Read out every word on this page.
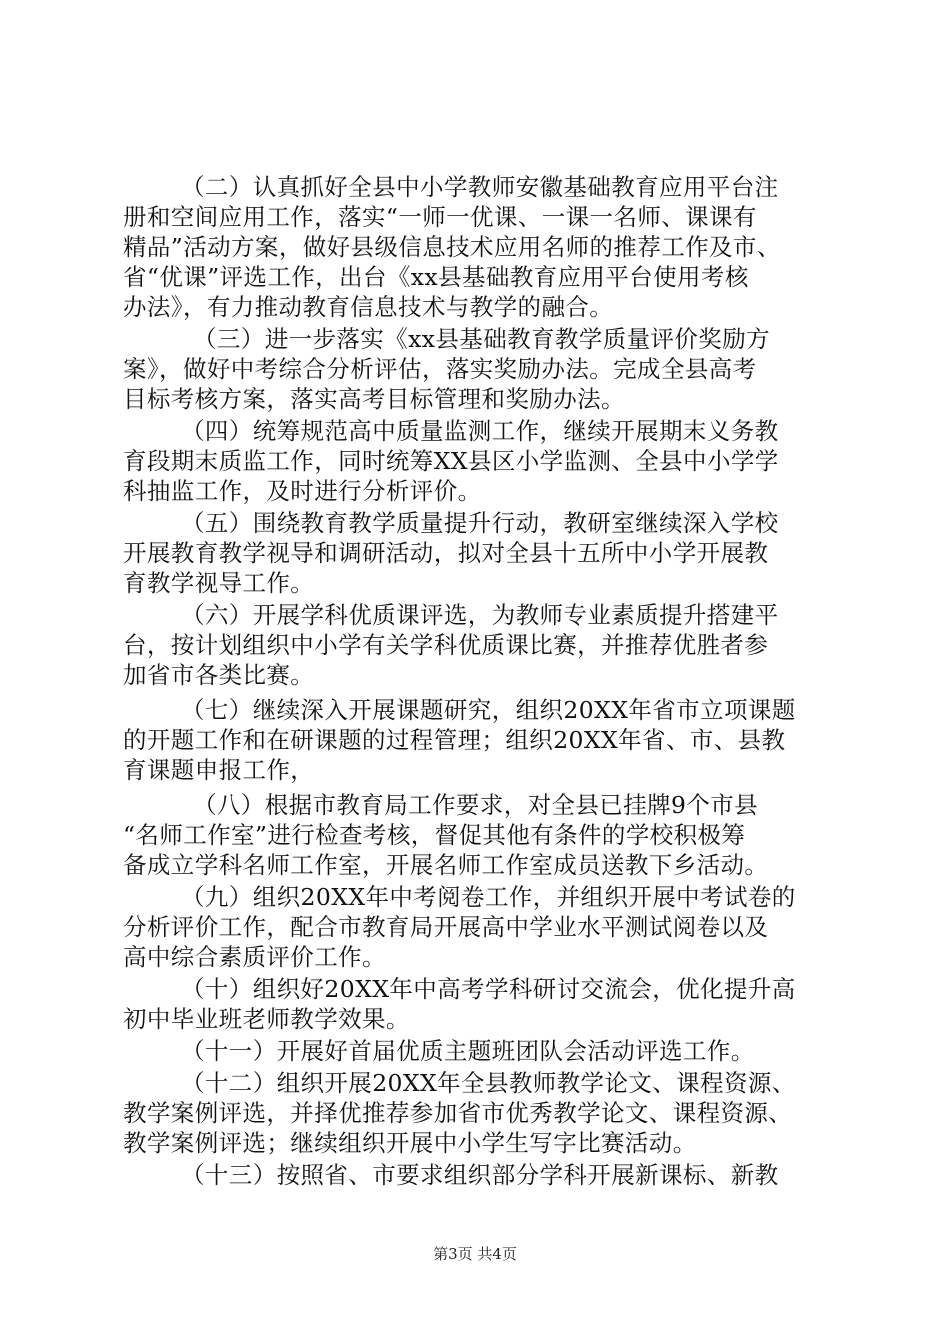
（二）认真抓好全县中小学教师安徽基础教育应用平台注
册和空间应用工作，落实“一师一优课、一课一名师、课课有
精品”活动方案，做好县级信息技术应用名师的推荐工作及市、
省“优课”评选工作，出台《xx县基础教育应用平台使用考核
办法》，有力推动教育信息技术与教学的融合。
（三）进一步落实《xx县基础教育教学质量评价奖励方
案》，做好中考综合分析评估，落实奖励办法。完成全县高考
目标考核方案，落实高考目标管理和奖励办法。
（四）统筹规范高中质量监测工作，继续开展期末义务教
育段期末质监工作，同时统筹XX县区小学监测、全县中小学学
科抽监工作，及时进行分析评价。
（五）围绕教育教学质量提升行动，教研室继续深入学校
开展教育教学视导和调研活动，拟对全县十五所中小学开展教
育教学视导工作。
（六）开展学科优质课评选，为教师专业素质提升搭建平
台，按计划组织中小学有关学科优质课比赛，并推荐优胜者参
加省市各类比赛。
（七）继续深入开展课题研究，组织20XX年省市立项课题
的开题工作和在研课题的过程管理；组织20XX年省、市、县教
育课题申报工作，
（八）根据市教育局工作要求，对全县已挂牌9个市县
“名师工作室”进行检查考核，督促其他有条件的学校积极筹
备成立学科名师工作室，开展名师工作室成员送教下乡活动。
（九）组织20XX年中考阅卷工作，并组织开展中考试卷的
分析评价工作，配合市教育局开展高中学业水平测试阅卷以及
高中综合素质评价工作。
（十）组织好20XX年中高考学科研讨交流会，优化提升高
初中毕业班老师教学效果。
（十一）开展好首届优质主题班团队会活动评选工作。
（十二）组织开展20XX年全县教师教学论文、课程资源、
教学案例评选，并择优推荐参加省市优秀教学论文、课程资源、
教学案例评选；继续组织开展中小学生写字比赛活动。
（十三）按照省、市要求组织部分学科开展新课标、新教
第3页 共4页
